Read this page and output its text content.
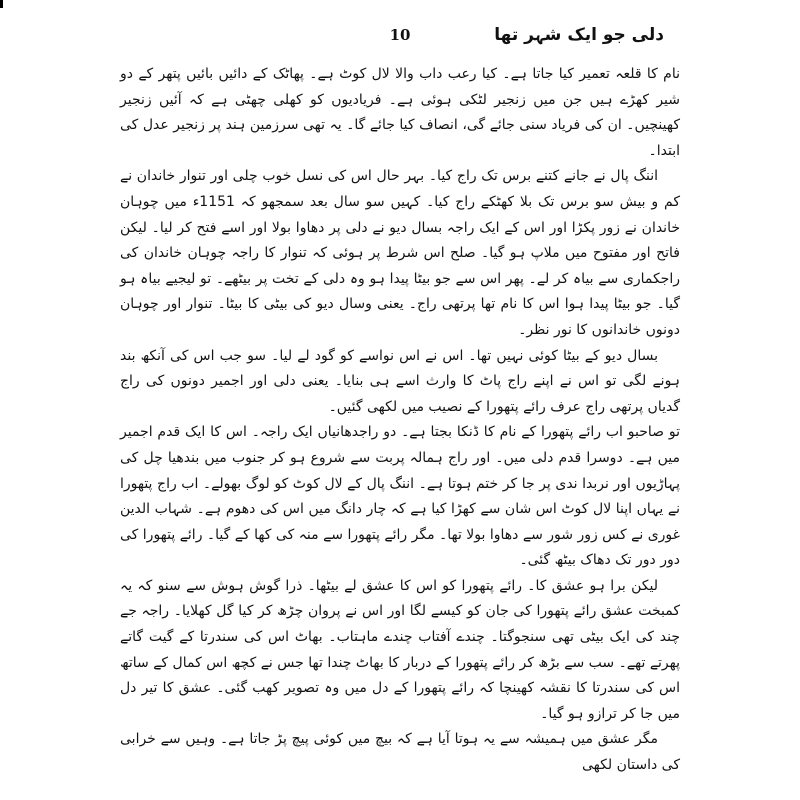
10	دلی جو ایک شہر تھا

نام کا قلعہ تعمیر کیا جاتا ہے۔ کیا رعب داب والا لال کوٹ ہے۔ پھاٹک کے دائیں بائیں پتھر کے دو شیر کھڑے ہیں جن میں زنجیر لٹکی ہوئی ہے۔ فریادیوں کو کھلی چھٹی ہے کہ آئیں زنجیر کھینچیں۔ ان کی فریاد سنی جائے گی، انصاف کیا جائے گا۔ یہ تھی سرزمین ہند پر زنجیر عدل کی ابتدا۔

اننگ پال نے جانے کتنے برس تک راج کیا۔ بہر حال اس کی نسل خوب چلی اور تنوار خاندان نے کم و بیش سو برس تک بلا کھٹکے راج کیا۔ کہیں سو سال بعد سمجھو کہ 1151ء میں چوہان خاندان نے زور پکڑا اور اس کے ایک راجہ بسال دیو نے دلی پر دھاوا بولا اور اسے فتح کر لیا۔ لیکن فاتح اور مفتوح میں ملاپ ہو گیا۔ صلح اس شرط پر ہوئی کہ تنوار کا راجہ چوہان خاندان کی راجکماری سے بیاہ کر لے۔ پھر اس سے جو بیٹا پیدا ہو وہ دلی کے تخت پر بیٹھے۔ تو لیجیے بیاہ ہو گیا۔ جو بیٹا پیدا ہوا اس کا نام تھا پرتھی راج۔ یعنی وسال دیو کی بیٹی کا بیٹا۔ تنوار اور چوہان دونوں خاندانوں کا نور نظر۔

بسال دیو کے بیٹا کوئی نہیں تھا۔ اس نے اس نواسے کو گود لے لیا۔ سو جب اس کی آنکھ بند ہونے لگی تو اس نے اپنے راج پاٹ کا وارث اسے ہی بنایا۔ یعنی دلی اور اجمیر دونوں کی راج گدیاں پرتھی راج عرف رائے پتھورا کے نصیب میں لکھی گئیں۔

تو صاحبو اب رائے پتھورا کے نام کا ڈنکا بجتا ہے۔ دو راجدھانیاں ایک راجہ۔ اس کا ایک قدم اجمیر میں ہے۔ دوسرا قدم دلی میں۔ اور راج ہمالہ پربت سے شروع ہو کر جنوب میں بندھیا چل کی پہاڑیوں اور نربدا ندی پر جا کر ختم ہوتا ہے۔ اننگ پال کے لال کوٹ کو لوگ بھولے۔ اب راج پتھورا نے یہاں اپنا لال کوٹ اس شان سے کھڑا کیا ہے کہ چار دانگ میں اس کی دھوم ہے۔ شہاب الدین غوری نے کس زور شور سے دھاوا بولا تھا۔ مگر رائے پتھورا سے منہ کی کھا کے گیا۔ رائے پتھورا کی دور دور تک دھاک بیٹھ گئی۔

لیکن برا ہو عشق کا۔ رائے پتھورا کو اس کا عشق لے بیٹھا۔ ذرا گوش ہوش سے سنو کہ یہ کمبخت عشق رائے پتھورا کی جان کو کیسے لگا اور اس نے پروان چڑھ کر کیا گل کھلایا۔ راجہ جے چند کی ایک بیٹی تھی سنجوگتا۔ چندے آفتاب چندے ماہتاب۔ بھاٹ اس کی سندرتا کے گیت گاتے پھرتے تھے۔ سب سے بڑھ کر رائے پتھورا کے دربار کا بھاٹ چندا تھا جس نے کچھ اس کمال کے ساتھ اس کی سندرتا کا نقشہ کھینچا کہ رائے پتھورا کے دل میں وہ تصویر کھب گئی۔ عشق کا تیر دل میں جا کر ترازو ہو گیا۔

مگر عشق میں ہمیشہ سے یہ ہوتا آیا ہے کہ بیچ میں کوئی پیچ پڑ جاتا ہے۔ وہیں سے خرابی کی داستان لکھی
